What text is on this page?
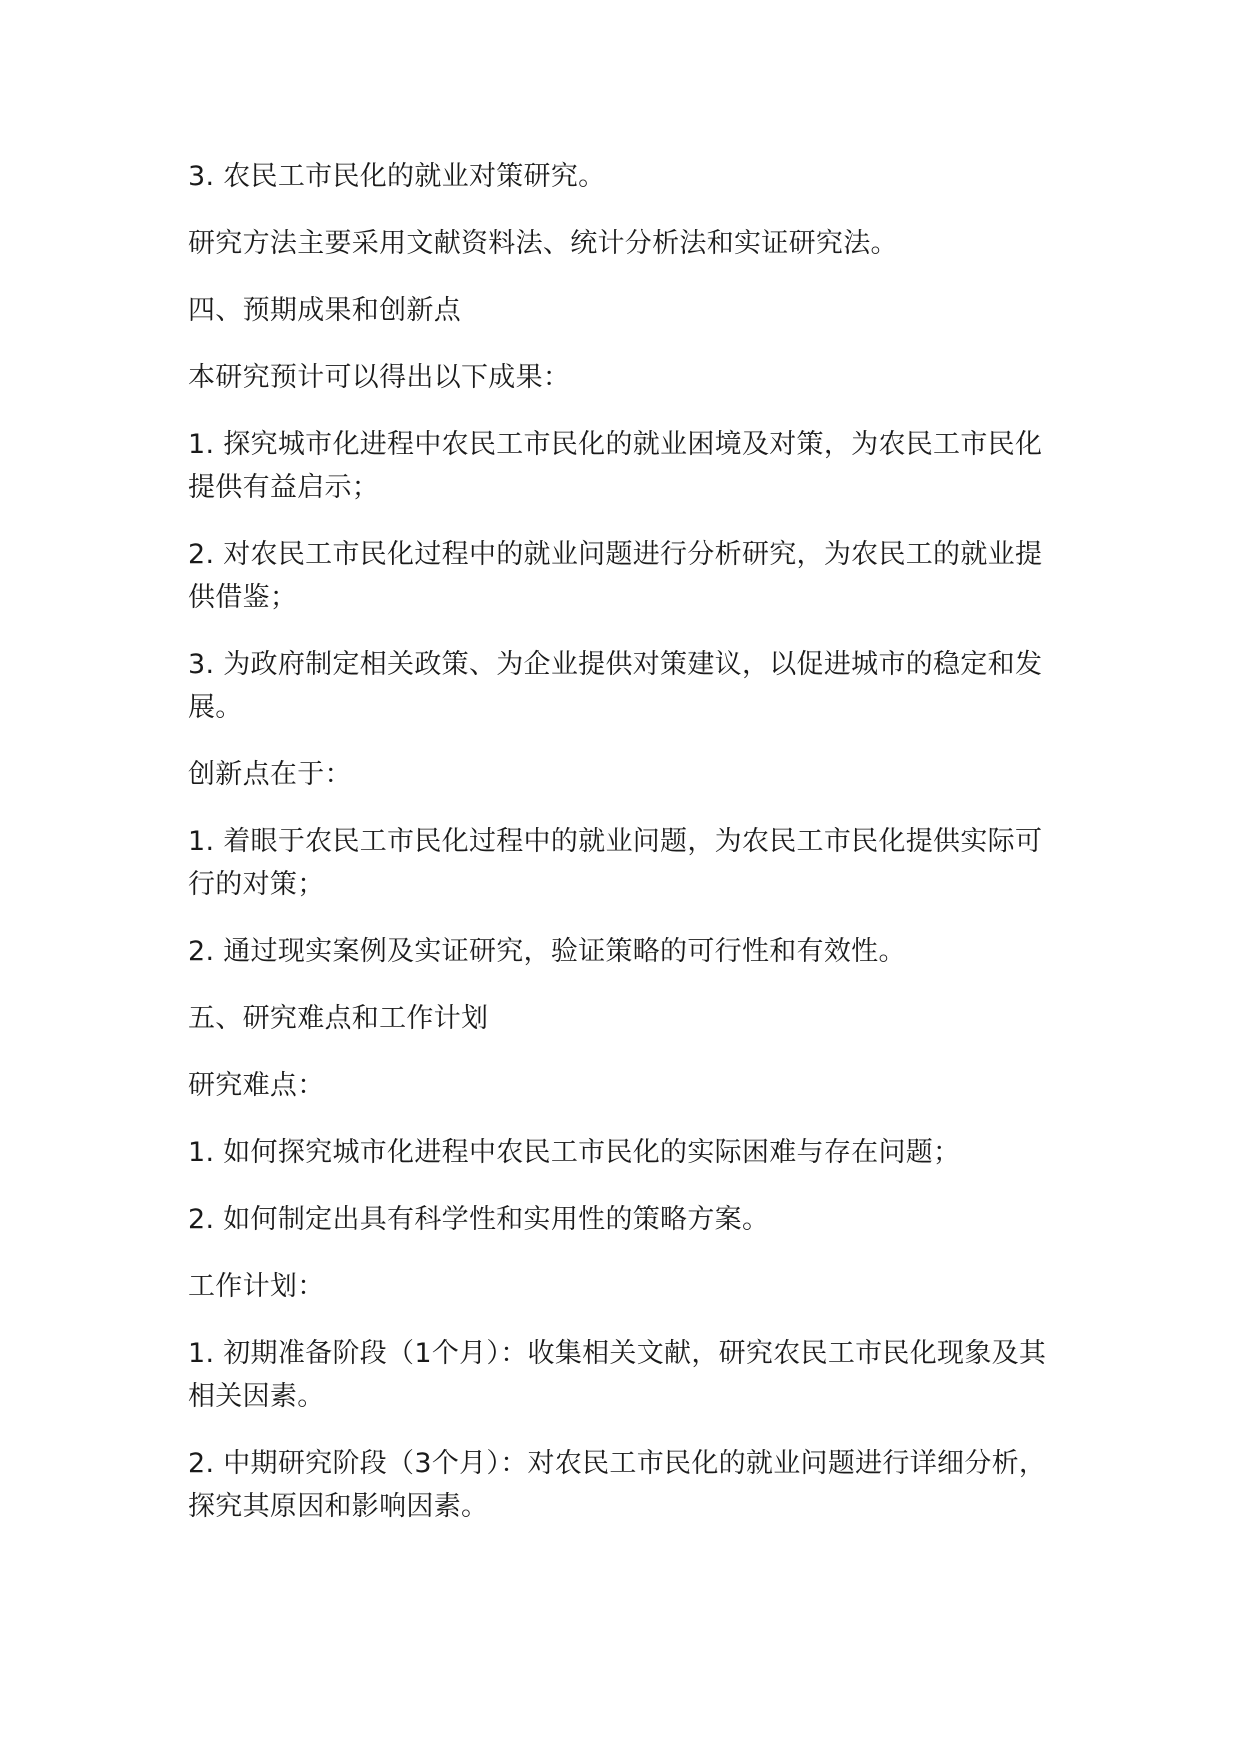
3. 农民工市民化的就业对策研究。

研究方法主要采用文献资料法、统计分析法和实证研究法。

四、预期成果和创新点

本研究预计可以得出以下成果：

1. 探究城市化进程中农民工市民化的就业困境及对策，为农民工市民化提供有益启示；

2. 对农民工市民化过程中的就业问题进行分析研究，为农民工的就业提供借鉴；

3. 为政府制定相关政策、为企业提供对策建议，以促进城市的稳定和发展。

创新点在于：

1. 着眼于农民工市民化过程中的就业问题，为农民工市民化提供实际可行的对策；

2. 通过现实案例及实证研究，验证策略的可行性和有效性。

五、研究难点和工作计划

研究难点：

1. 如何探究城市化进程中农民工市民化的实际困难与存在问题；

2. 如何制定出具有科学性和实用性的策略方案。

工作计划：

1. 初期准备阶段（1个月）：收集相关文献，研究农民工市民化现象及其相关因素。

2. 中期研究阶段（3个月）：对农民工市民化的就业问题进行详细分析，探究其原因和影响因素。
